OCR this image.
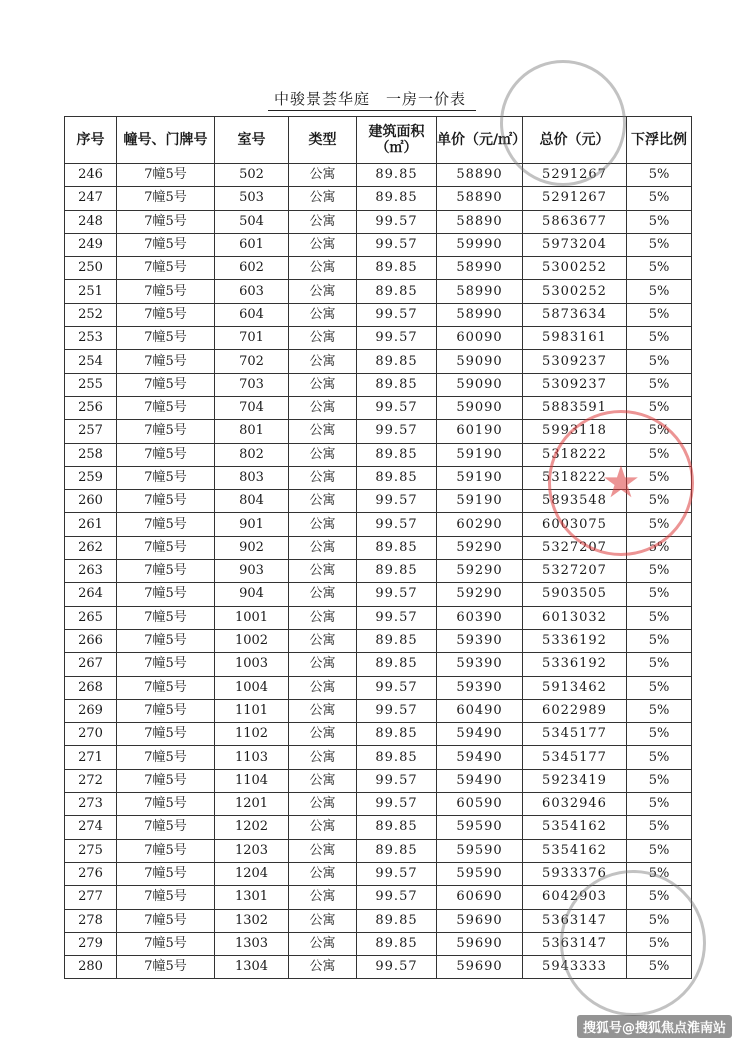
中骏景荟华庭　一房一价表
序号	幢号、门牌号	室号	类型	建筑面积（㎡）	单价（元/㎡）	总价（元）	下浮比例
246	7幢5号	502	公寓	89.85	58890	5291267	5%
247	7幢5号	503	公寓	89.85	58890	5291267	5%
248	7幢5号	504	公寓	99.57	58890	5863677	5%
249	7幢5号	601	公寓	99.57	59990	5973204	5%
250	7幢5号	602	公寓	89.85	58990	5300252	5%
251	7幢5号	603	公寓	89.85	58990	5300252	5%
252	7幢5号	604	公寓	99.57	58990	5873634	5%
253	7幢5号	701	公寓	99.57	60090	5983161	5%
254	7幢5号	702	公寓	89.85	59090	5309237	5%
255	7幢5号	703	公寓	89.85	59090	5309237	5%
256	7幢5号	704	公寓	99.57	59090	5883591	5%
257	7幢5号	801	公寓	99.57	60190	5993118	5%
258	7幢5号	802	公寓	89.85	59190	5318222	5%
259	7幢5号	803	公寓	89.85	59190	5318222	5%
260	7幢5号	804	公寓	99.57	59190	5893548	5%
261	7幢5号	901	公寓	99.57	60290	6003075	5%
262	7幢5号	902	公寓	89.85	59290	5327207	5%
263	7幢5号	903	公寓	89.85	59290	5327207	5%
264	7幢5号	904	公寓	99.57	59290	5903505	5%
265	7幢5号	1001	公寓	99.57	60390	6013032	5%
266	7幢5号	1002	公寓	89.85	59390	5336192	5%
267	7幢5号	1003	公寓	89.85	59390	5336192	5%
268	7幢5号	1004	公寓	99.57	59390	5913462	5%
269	7幢5号	1101	公寓	99.57	60490	6022989	5%
270	7幢5号	1102	公寓	89.85	59490	5345177	5%
271	7幢5号	1103	公寓	89.85	59490	5345177	5%
272	7幢5号	1104	公寓	99.57	59490	5923419	5%
273	7幢5号	1201	公寓	99.57	60590	6032946	5%
274	7幢5号	1202	公寓	89.85	59590	5354162	5%
275	7幢5号	1203	公寓	89.85	59590	5354162	5%
276	7幢5号	1204	公寓	99.57	59590	5933376	5%
277	7幢5号	1301	公寓	99.57	60690	6042903	5%
278	7幢5号	1302	公寓	89.85	59690	5363147	5%
279	7幢5号	1303	公寓	89.85	59690	5363147	5%
280	7幢5号	1304	公寓	99.57	59690	5943333	5%
★
搜狐号@搜狐焦点淮南站
